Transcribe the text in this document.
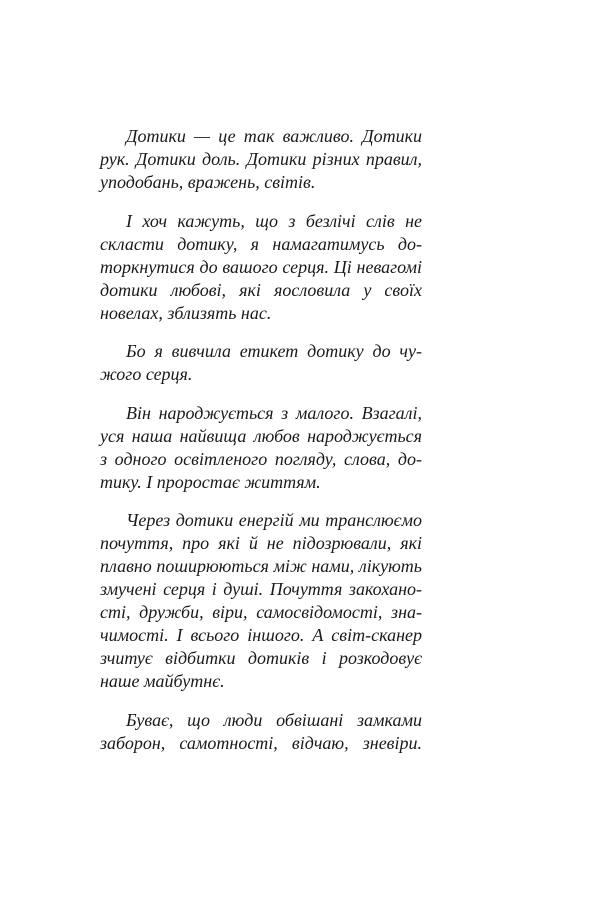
Дотики — це так важливо. Дотики
рук. Дотики доль. Дотики різних правил,
уподобань, вражень, світів.
І хоч кажуть, що з безлічі слів не
скласти дотику, я намагатимусь до-
торкнутися до вашого серця. Ці невагомі
дотики любові, які яословила у своїх
новелах, зблизять нас.
Бо я вивчила етикет дотику до чу-
жого серця.
Він народжується з малого. Взагалі,
уся наша найвища любов народжується
з одного освітленого погляду, слова, до-
тику. І проростає життям.
Через дотики енергій ми транслюємо
почуття, про які й не підозрювали, які
плавно поширюються між нами, лікують
змучені серця і душі. Почуття закохано-
сті, дружби, віри, самосвідомості, зна-
чимості. І всього іншого. А світ-сканер
зчитує відбитки дотиків і розкодовує
наше майбутнє.
Буває, що люди обвішані замками
заборон, самотності, відчаю, зневіри.
